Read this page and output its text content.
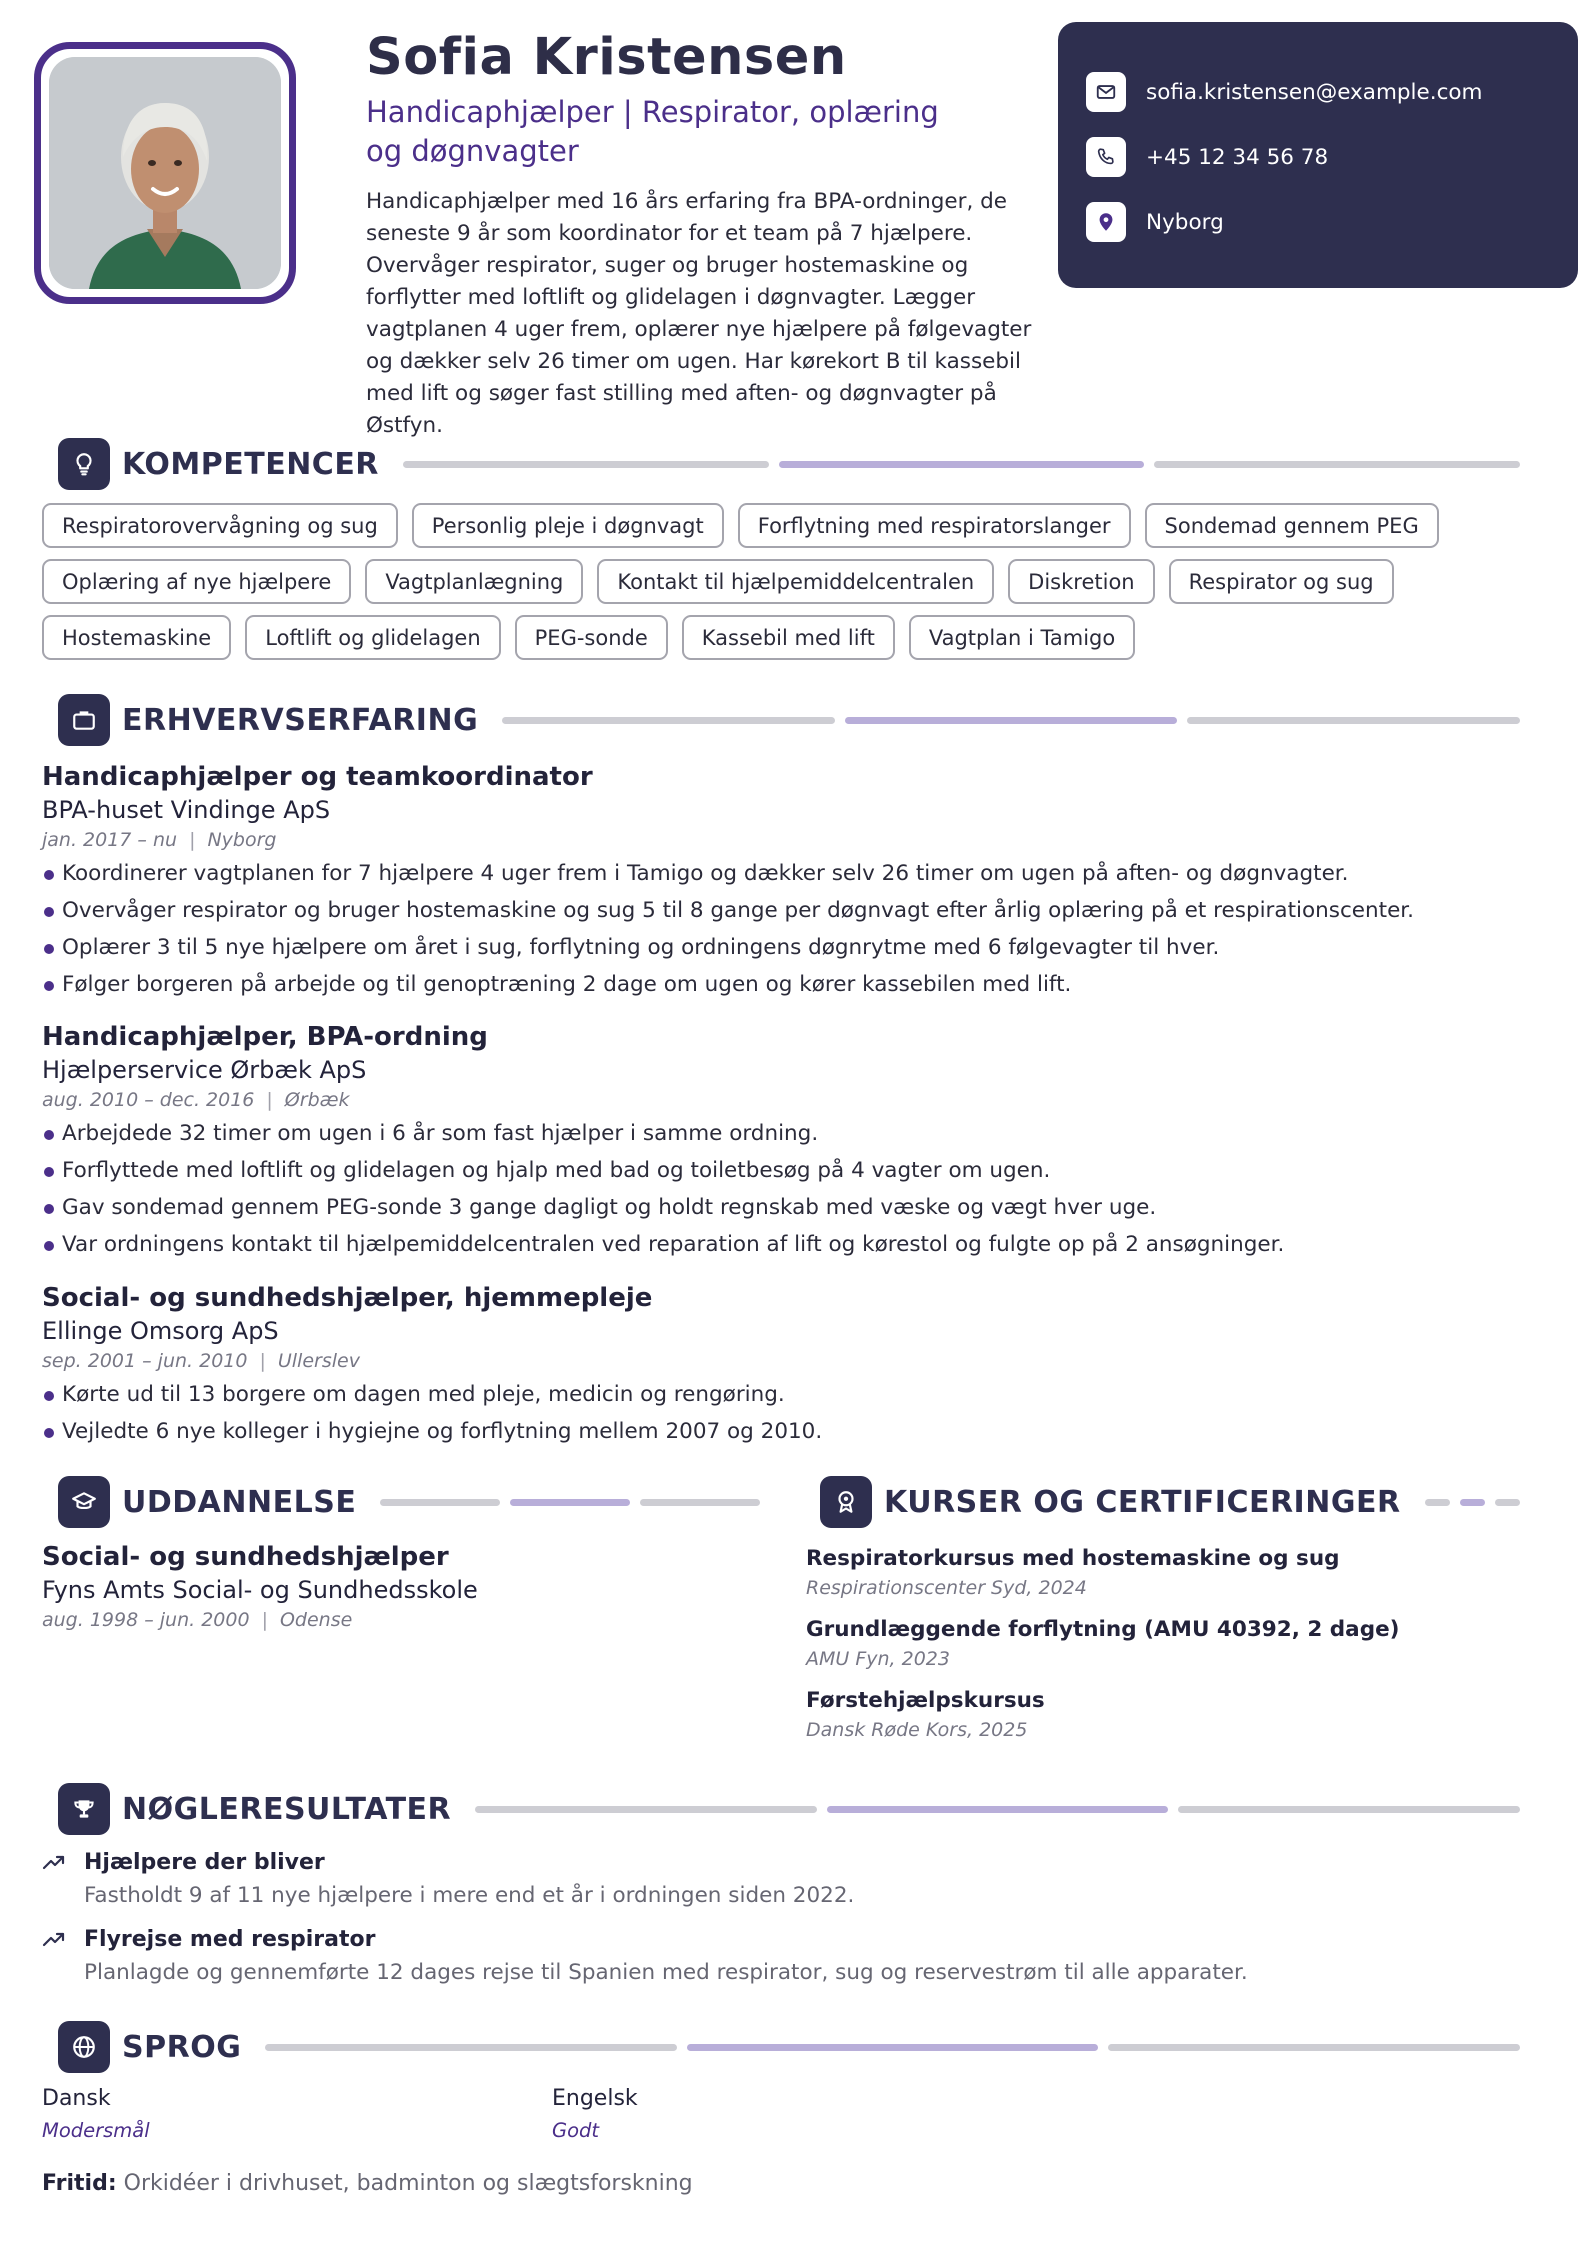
Sofia Kristensen
Handicaphjælper | Respirator, oplæring
og døgnvagter
Handicaphjælper med 16 års erfaring fra BPA-ordninger, de seneste 9 år som koordinator for et team på 7 hjælpere. Overvåger respirator, suger og bruger hostemaskine og forflytter med loftlift og glidelagen i døgnvagter. Lægger vagtplanen 4 uger frem, oplærer nye hjælpere på følgevagter og dækker selv 26 timer om ugen. Har kørekort B til kassebil med lift og søger fast stilling med aften- og døgnvagter på Østfyn.
sofia.kristensen@example.com
+45 12 34 56 78
Nyborg
KOMPETENCER
Respiratorovervågning og sug	Personlig pleje i døgnvagt	Forflytning med respiratorslanger	Sondemad gennem PEG
Oplæring af nye hjælpere	Vagtplanlægning	Kontakt til hjælpemiddelcentralen	Diskretion	Respirator og sug
Hostemaskine	Loftlift og glidelagen	PEG-sonde	Kassebil med lift	Vagtplan i Tamigo
ERHVERVSERFARING
Handicaphjælper og teamkoordinator
BPA-huset Vindinge ApS
jan. 2017 – nu | Nyborg
Koordinerer vagtplanen for 7 hjælpere 4 uger frem i Tamigo og dækker selv 26 timer om ugen på aften- og døgnvagter.
Overvåger respirator og bruger hostemaskine og sug 5 til 8 gange per døgnvagt efter årlig oplæring på et respirationscenter.
Oplærer 3 til 5 nye hjælpere om året i sug, forflytning og ordningens døgnrytme med 6 følgevagter til hver.
Følger borgeren på arbejde og til genoptræning 2 dage om ugen og kører kassebilen med lift.
Handicaphjælper, BPA-ordning
Hjælperservice Ørbæk ApS
aug. 2010 – dec. 2016 | Ørbæk
Arbejdede 32 timer om ugen i 6 år som fast hjælper i samme ordning.
Forflyttede med loftlift og glidelagen og hjalp med bad og toiletbesøg på 4 vagter om ugen.
Gav sondemad gennem PEG-sonde 3 gange dagligt og holdt regnskab med væske og vægt hver uge.
Var ordningens kontakt til hjælpemiddelcentralen ved reparation af lift og kørestol og fulgte op på 2 ansøgninger.
Social- og sundhedshjælper, hjemmepleje
Ellinge Omsorg ApS
sep. 2001 – jun. 2010 | Ullerslev
Kørte ud til 13 borgere om dagen med pleje, medicin og rengøring.
Vejledte 6 nye kolleger i hygiejne og forflytning mellem 2007 og 2010.
UDDANNELSE
Social- og sundhedshjælper
Fyns Amts Social- og Sundhedsskole
aug. 1998 – jun. 2000 | Odense
KURSER OG CERTIFICERINGER
Respiratorkursus med hostemaskine og sug
Respirationscenter Syd, 2024
Grundlæggende forflytning (AMU 40392, 2 dage)
AMU Fyn, 2023
Førstehjælpskursus
Dansk Røde Kors, 2025
NØGLERESULTATER
Hjælpere der bliver
Fastholdt 9 af 11 nye hjælpere i mere end et år i ordningen siden 2022.
Flyrejse med respirator
Planlagde og gennemførte 12 dages rejse til Spanien med respirator, sug og reservestrøm til alle apparater.
SPROG
Dansk
Modersmål
Engelsk
Godt
Fritid: Orkidéer i drivhuset, badminton og slægtsforskning
